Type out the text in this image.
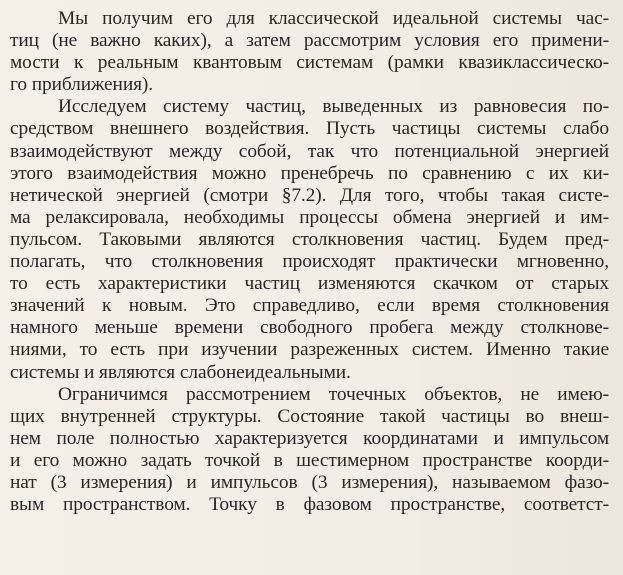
Мы получим его для классической идеальной системы час-
тиц (не важно каких), а затем рассмотрим условия его примени-
мости к реальным квантовым системам (рамки квазиклассическо-
го приближения).
Исследуем систему частиц, выведенных из равновесия по-
средством внешнего воздействия. Пусть частицы системы слабо
взаимодействуют между собой, так что потенциальной энергией
этого взаимодействия можно пренебречь по сравнению с их ки-
нетической энергией (смотри §7.2). Для того, чтобы такая систе-
ма релаксировала, необходимы процессы обмена энергией и им-
пульсом. Таковыми являются столкновения частиц. Будем пред-
полагать, что столкновения происходят практически мгновенно,
то есть характеристики частиц изменяются скачком от старых
значений к новым. Это справедливо, если время столкновения
намного меньше времени свободного пробега между столкнове-
ниями, то есть при изучении разреженных систем. Именно такие
системы и являются слабонеидеальными.
Ограничимся рассмотрением точечных объектов, не имею-
щих внутренней структуры. Состояние такой частицы во внеш-
нем поле полностью характеризуется координатами и импульсом
и его можно задать точкой в шестимерном пространстве коорди-
нат (3 измерения) и импульсов (3 измерения), называемом фазо-
вым пространством. Точку в фазовом пространстве, соответст-
